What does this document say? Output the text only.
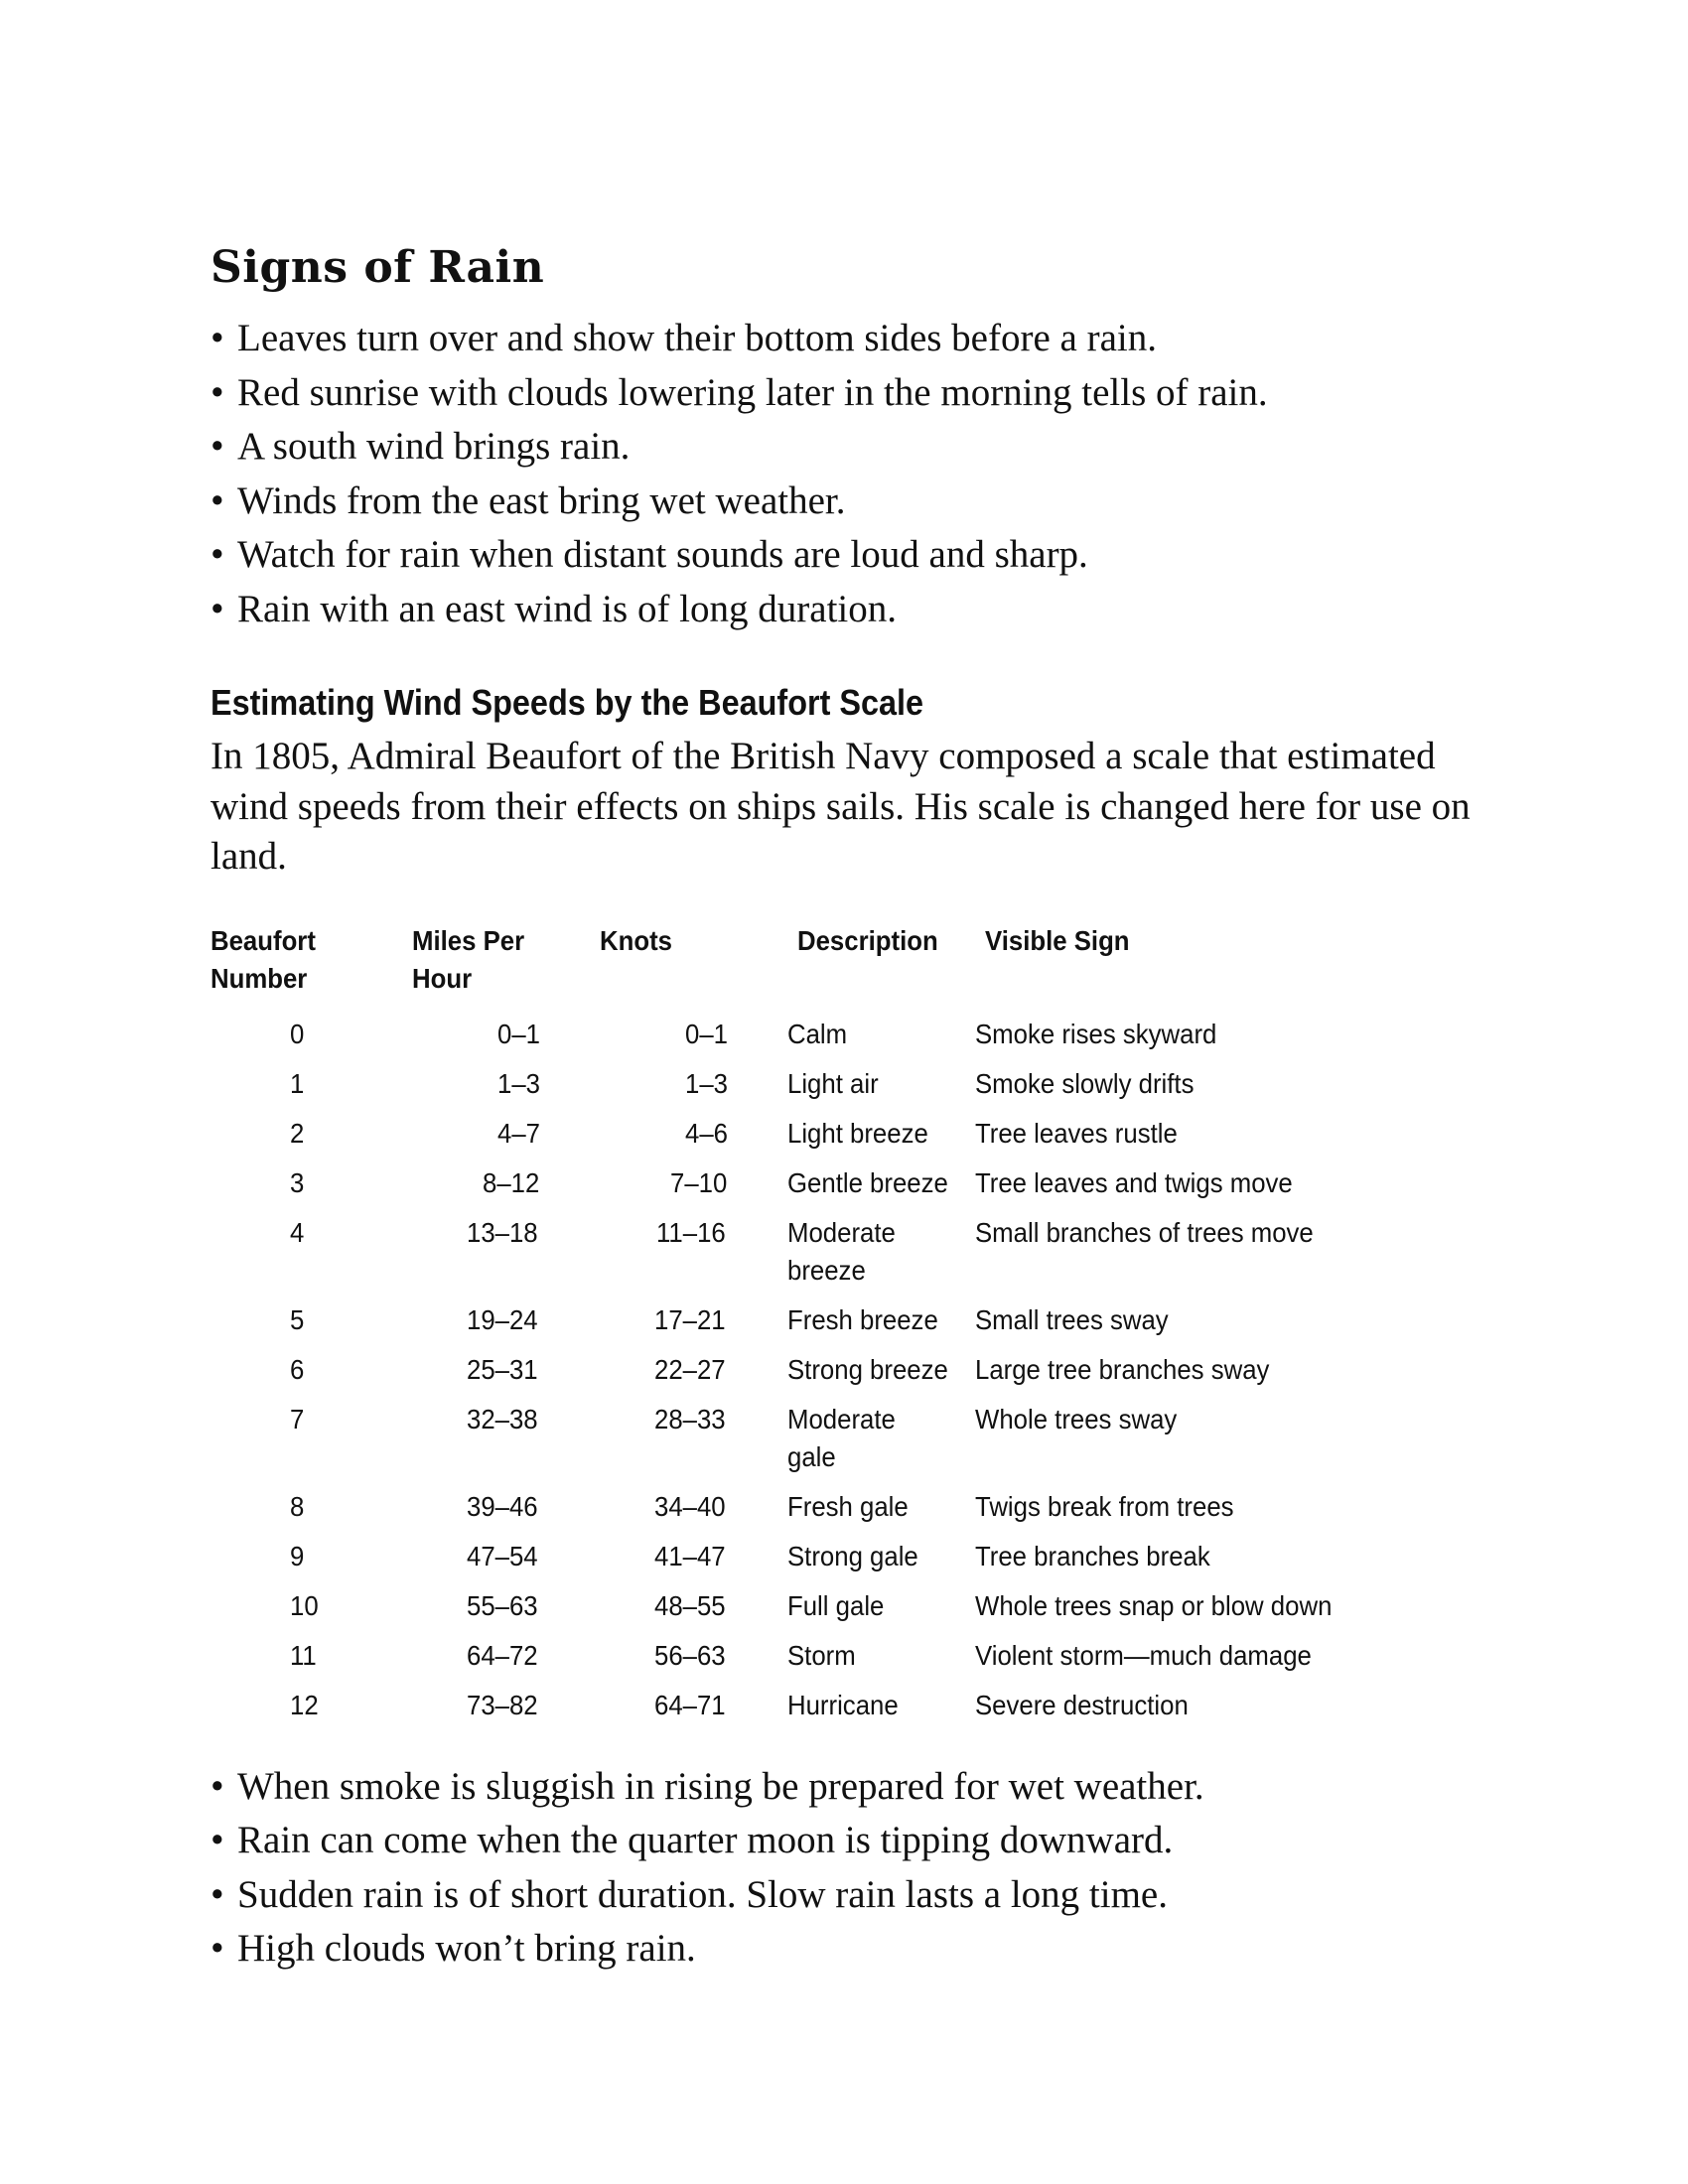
Signs of Rain
• Leaves turn over and show their bottom sides before a rain.
• Red sunrise with clouds lowering later in the morning tells of rain.
• A south wind brings rain.
• Winds from the east bring wet weather.
• Watch for rain when distant sounds are loud and sharp.
• Rain with an east wind is of long duration.
Estimating Wind Speeds by the Beaufort Scale

In 1805, Admiral Beaufort of the British Navy composed a scale that estimated wind speeds from their effects on ships sails. His scale is changed here for use on land.

Beaufort Number	Miles Per Hour	Knots	Description	Visible Sign
0	0–1	0–1	Calm	Smoke rises skyward
1	1–3	1–3	Light air	Smoke slowly drifts
2	4–7	4–6	Light breeze	Tree leaves rustle
3	8–12	7–10	Gentle breeze	Tree leaves and twigs move
4	13–18	11–16	Moderate breeze	Small branches of trees move
5	19–24	17–21	Fresh breeze	Small trees sway
6	25–31	22–27	Strong breeze	Large tree branches sway
7	32–38	28–33	Moderate gale	Whole trees sway
8	39–46	34–40	Fresh gale	Twigs break from trees
9	47–54	41–47	Strong gale	Tree branches break
10	55–63	48–55	Full gale	Whole trees snap or blow down
11	64–72	56–63	Storm	Violent storm—much damage
12	73–82	64–71	Hurricane	Severe destruction
• When smoke is sluggish in rising be prepared for wet weather.
• Rain can come when the quarter moon is tipping downward.
• Sudden rain is of short duration. Slow rain lasts a long time.
• High clouds won’t bring rain.
